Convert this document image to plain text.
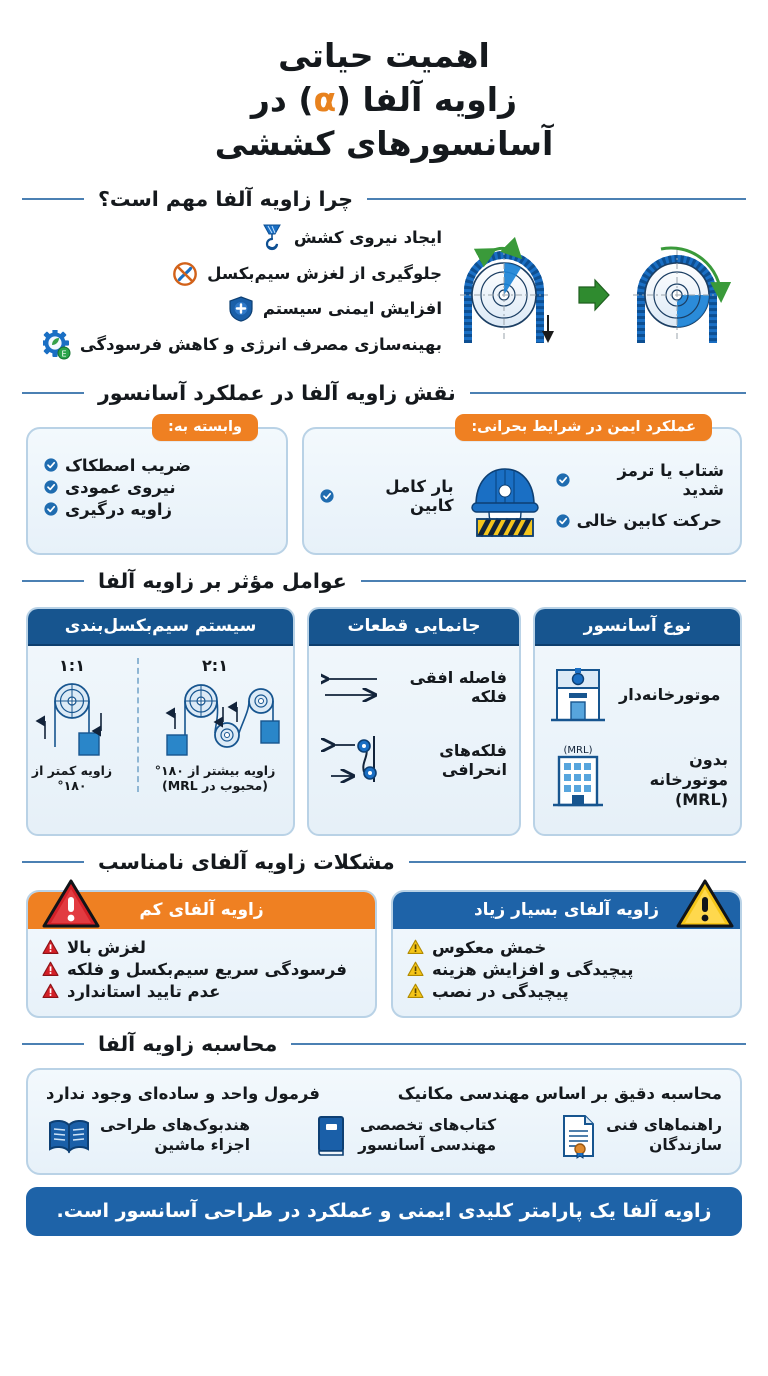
اهمیت حیاتی
زاویه آلفا (α) در
آسانسورهای کششی
چرا زاویه آلفا مهم است؟
ایجاد نیروی کشش
جلوگیری از لغزش سیم‌بکسل
افزایش ایمنی سیستم
بهینه‌سازی مصرف انرژی و کاهش فرسودگی
E
نقش زاویه آلفا در عملکرد آسانسور
عملکرد ایمن در شرایط بحرانی:
شتاب یا ترمز شدید
حرکت کابین خالی
بار کامل کابین
وابسته به:
ضریب اصطکاک
نیروی عمودی
زاویه درگیری
عوامل مؤثر بر زاویه آلفا
نوع آسانسور
موتورخانه‌دار
بدون موتورخانه (MRL)
(MRL)
جانمایی قطعات
فاصله افقی فلکه
فلکه‌های انحرافی
سیستم سیم‌بکسل‌بندی
۲:۱
زاویه بیشتر از ۱۸۰°
(محبوب در MRL)
۱:۱
زاویه کمتر از ۱۸۰°
مشکلات زاویه آلفای نامناسب
زاویه آلفای بسیار زیاد
خمش معکوس
پیچیدگی و افزایش هزینه
پیچیدگی در نصب
زاویه آلفای کم
لغزش بالا
فرسودگی سریع سیم‌بکسل و فلکه
عدم تایید استاندارد
محاسبه زاویه آلفا
محاسبه دقیق بر اساس مهندسی مکانیک
فرمول واحد و ساده‌ای وجود ندارد
راهنماهای فنی
سازندگان
کتاب‌های تخصصی
مهندسی آسانسور
هندبوک‌های طراحی
اجزاء ماشین
زاویه آلفا یک پارامتر کلیدی ایمنی و عملکرد در طراحی آسانسور است.
